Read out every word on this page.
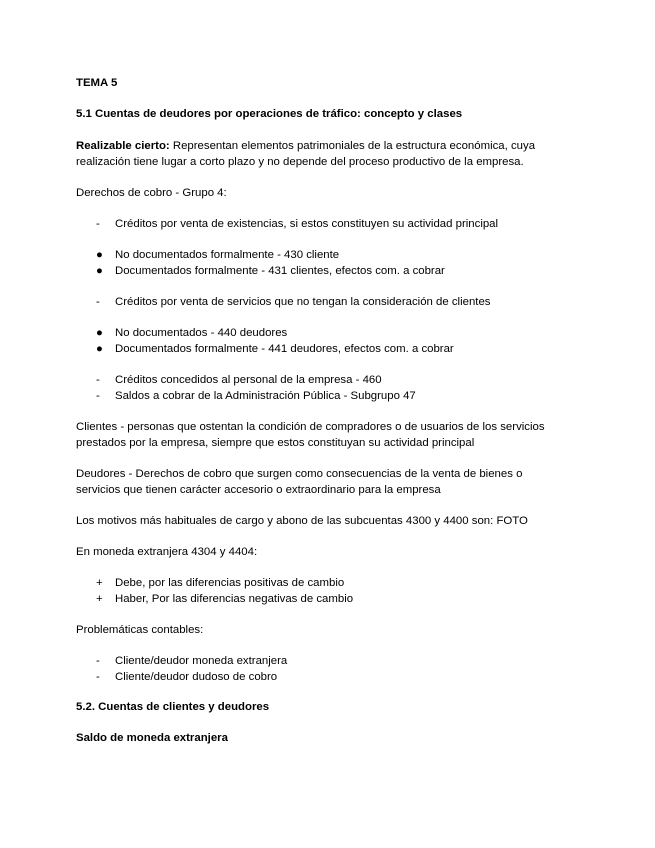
TEMA 5
5.1 Cuentas de deudores por operaciones de tráfico: concepto y clases
Realizable cierto: Representan elementos patrimoniales de la estructura económica, cuya
realización tiene lugar a corto plazo y no depende del proceso productivo de la empresa.
Derechos de cobro - Grupo 4:
-	Créditos por venta de existencias, si estos constituyen su actividad principal
● No documentados formalmente - 430 cliente
● Documentados formalmente - 431 clientes, efectos com. a cobrar
-	Créditos por venta de servicios que no tengan la consideración de clientes
● No documentados - 440 deudores
● Documentados formalmente - 441 deudores, efectos com. a cobrar
-	Créditos concedidos al personal de la empresa - 460
-	Saldos a cobrar de la Administración Pública - Subgrupo 47
Clientes - personas que ostentan la condición de compradores o de usuarios de los servicios
prestados por la empresa, siempre que estos constituyan su actividad principal
Deudores - Derechos de cobro que surgen como consecuencias de la venta de bienes o
servicios que tienen carácter accesorio o extraordinario para la empresa
Los motivos más habituales de cargo y abono de las subcuentas 4300 y 4400 son: FOTO
En moneda extranjera 4304 y 4404:
+ Debe, por las diferencias positivas de cambio
+ Haber, Por las diferencias negativas de cambio
Problemáticas contables:
-	Cliente/deudor moneda extranjera
-	Cliente/deudor dudoso de cobro
5.2. Cuentas de clientes y deudores
Saldo de moneda extranjera
